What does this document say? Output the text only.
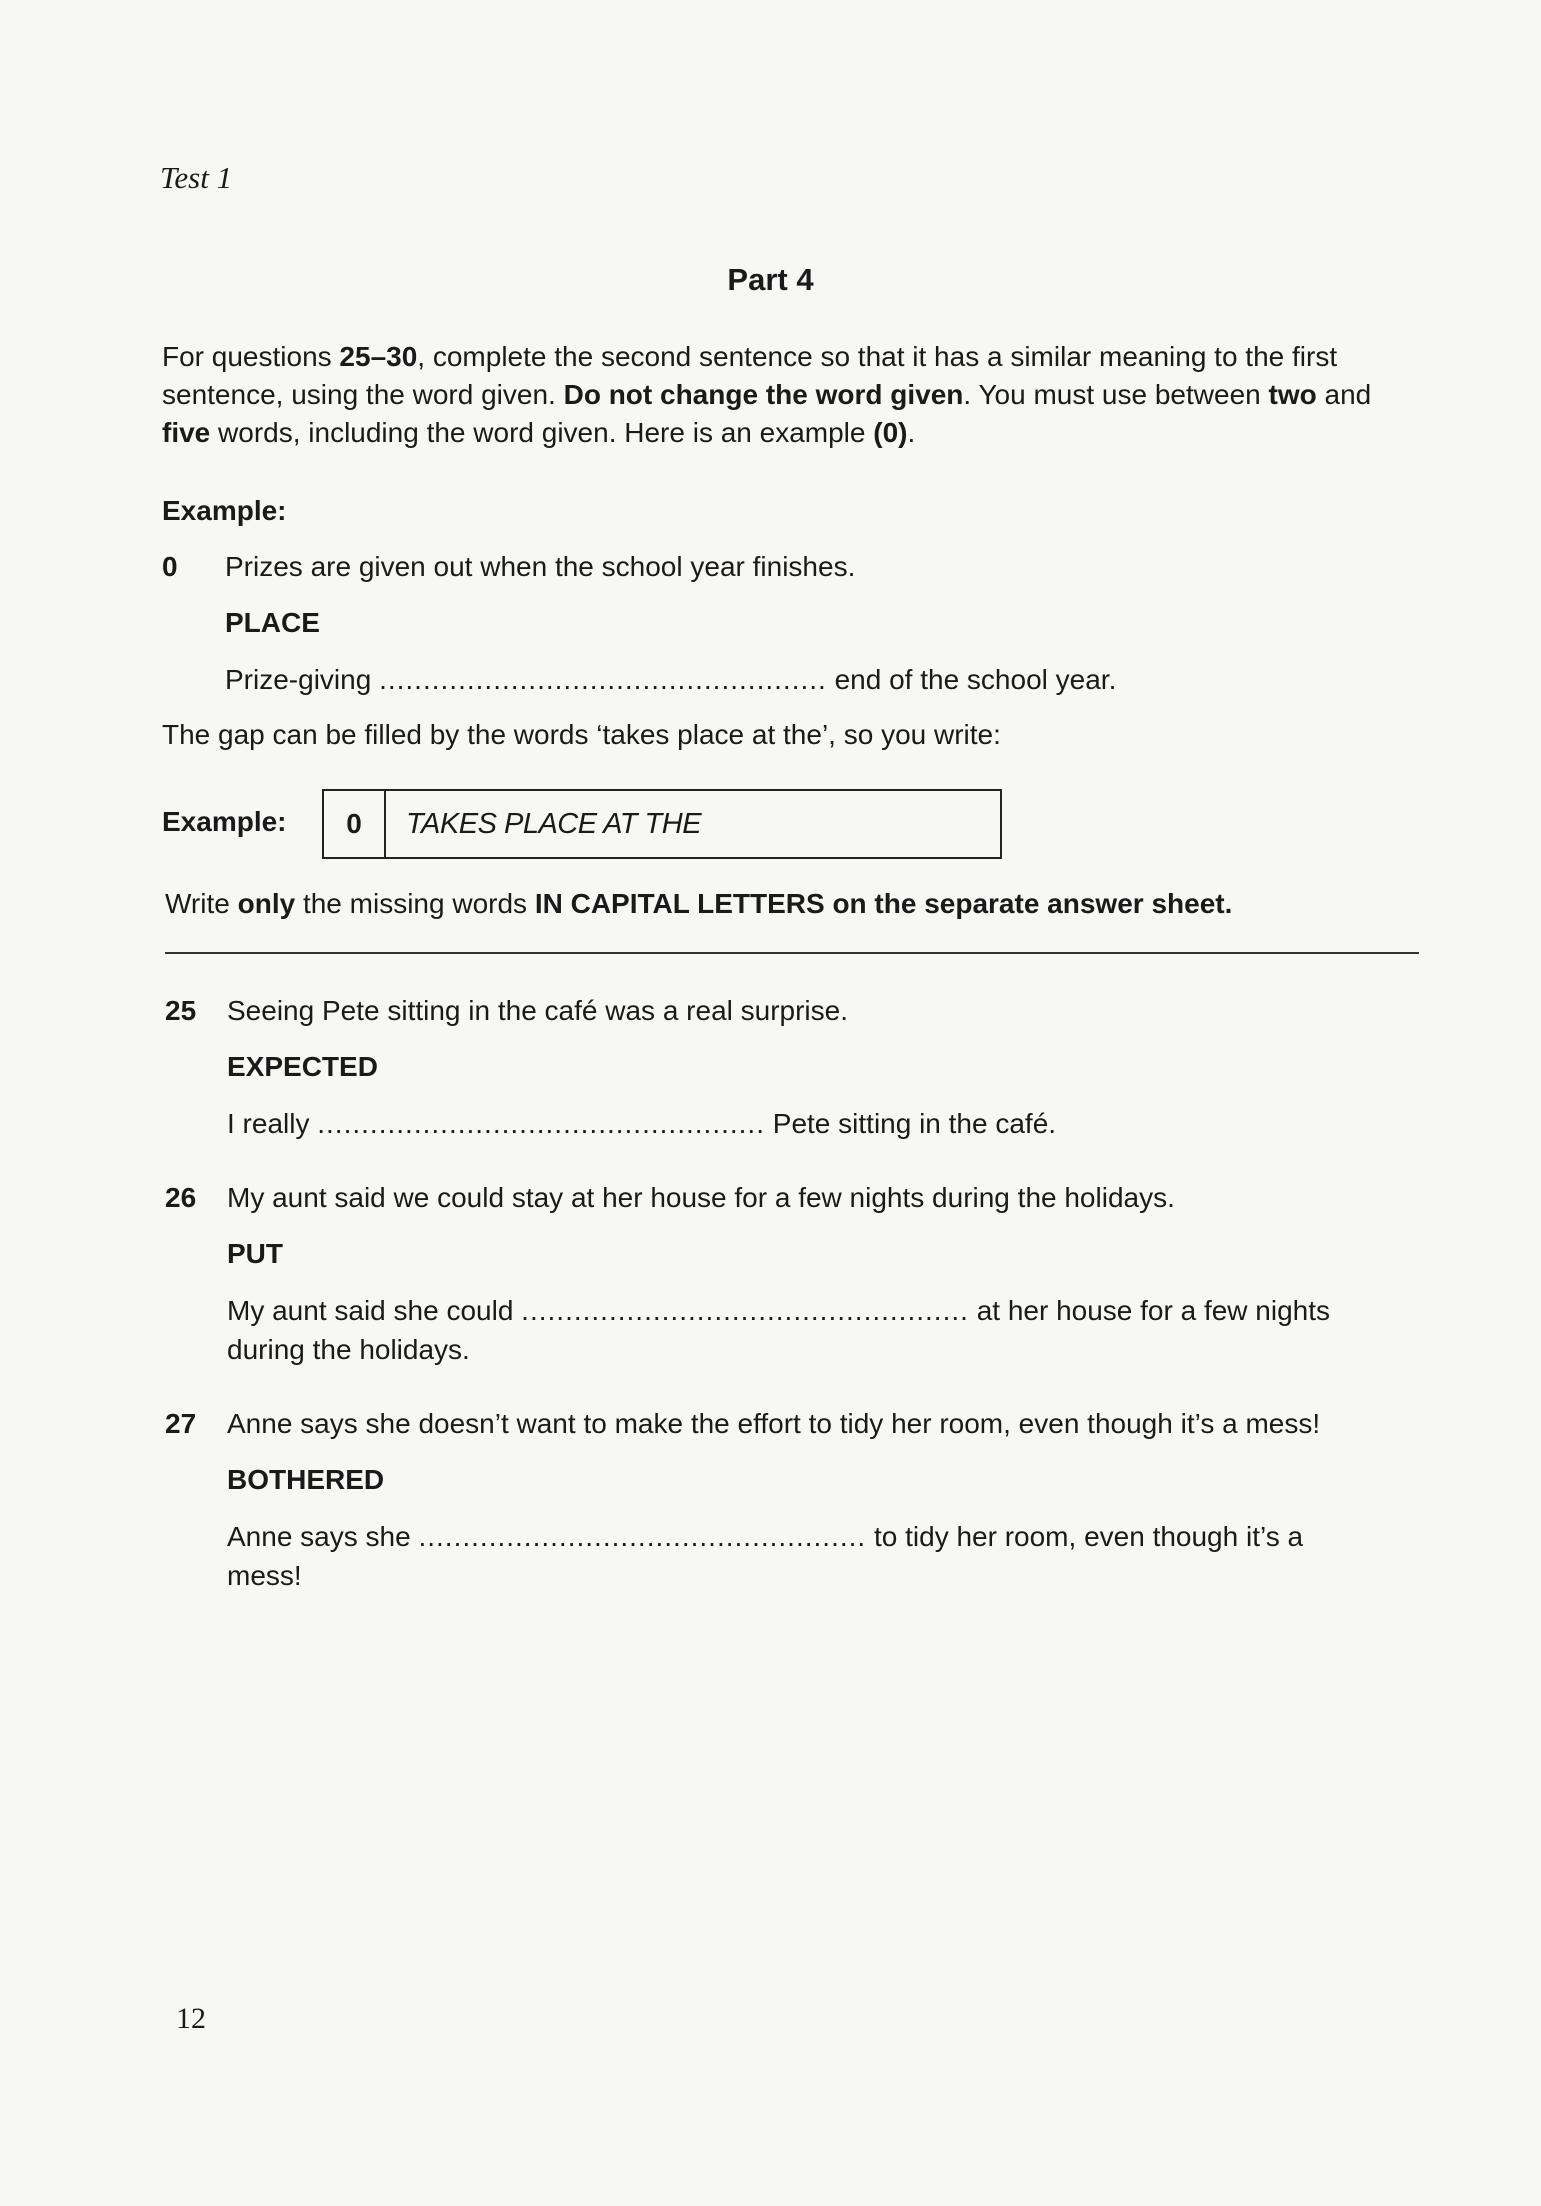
Test 1
Part 4
For questions 25–30, complete the second sentence so that it has a similar meaning to the first sentence, using the word given. Do not change the word given. You must use between two and five words, including the word given. Here is an example (0).
Example:
0 Prizes are given out when the school year finishes.
PLACE
Prize-giving ................................................... end of the school year.
The gap can be filled by the words ‘takes place at the’, so you write:
Example:	0	TAKES PLACE AT THE
Write only the missing words IN CAPITAL LETTERS on the separate answer sheet.
25 Seeing Pete sitting in the café was a real surprise.
EXPECTED
I really ................................................... Pete sitting in the café.
26 My aunt said we could stay at her house for a few nights during the holidays.
PUT
My aunt said she could ................................................... at her house for a few nights
during the holidays.
27 Anne says she doesn’t want to make the effort to tidy her room, even though it’s a mess!
BOTHERED
Anne says she ................................................... to tidy her room, even though it’s a
mess!
12
